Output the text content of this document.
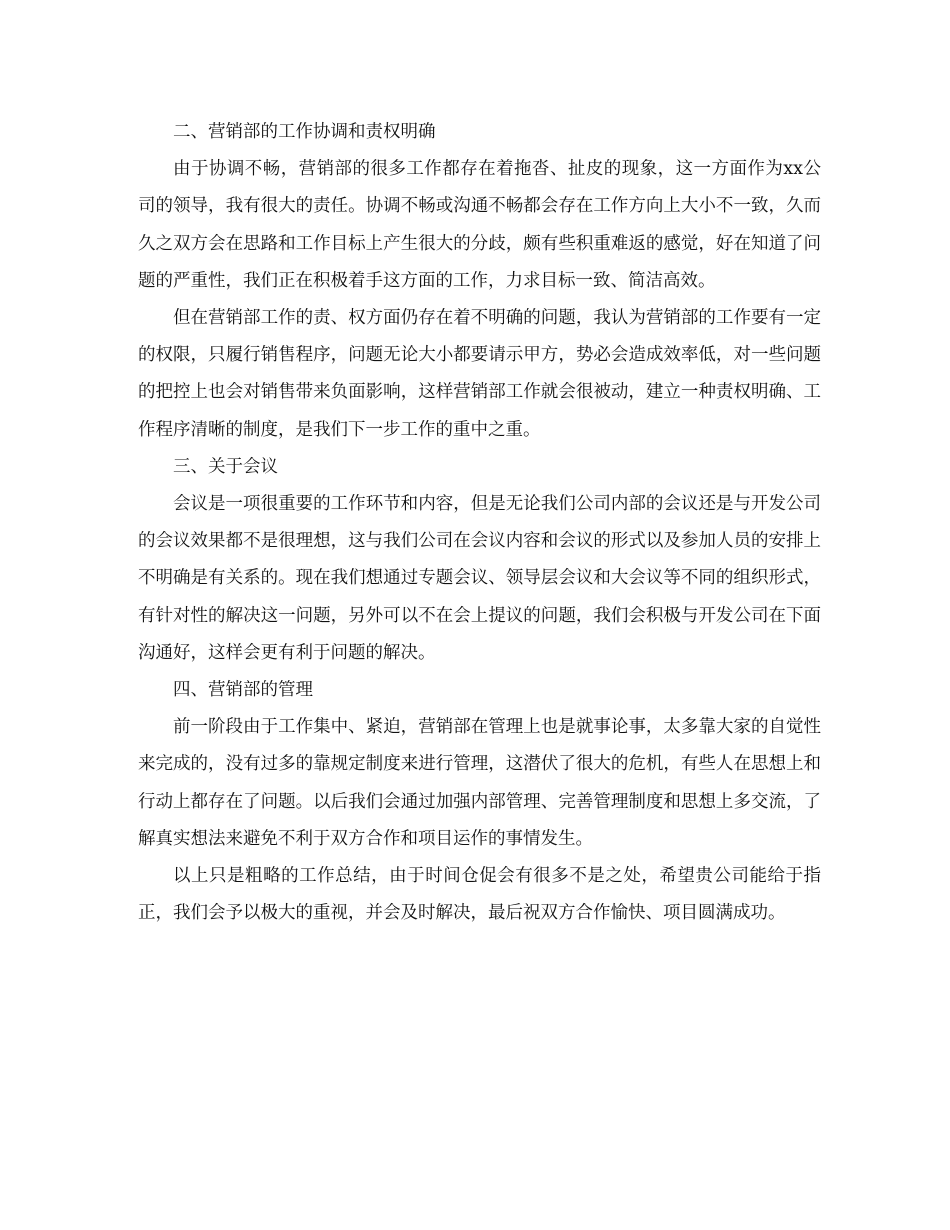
二、营销部的工作协调和责权明确

由于协调不畅，营销部的很多工作都存在着拖沓、扯皮的现象，这一方面作为xx公司的领导，我有很大的责任。协调不畅或沟通不畅都会存在工作方向上大小不一致，久而久之双方会在思路和工作目标上产生很大的分歧，颇有些积重难返的感觉，好在知道了问题的严重性，我们正在积极着手这方面的工作，力求目标一致、简洁高效。

但在营销部工作的责、权方面仍存在着不明确的问题，我认为营销部的工作要有一定的权限，只履行销售程序，问题无论大小都要请示甲方，势必会造成效率低，对一些问题的把控上也会对销售带来负面影响，这样营销部工作就会很被动，建立一种责权明确、工作程序清晰的制度，是我们下一步工作的重中之重。

三、关于会议

会议是一项很重要的工作环节和内容，但是无论我们公司内部的会议还是与开发公司的会议效果都不是很理想，这与我们公司在会议内容和会议的形式以及参加人员的安排上不明确是有关系的。现在我们想通过专题会议、领导层会议和大会议等不同的组织形式，有针对性的解决这一问题，另外可以不在会上提议的问题，我们会积极与开发公司在下面沟通好，这样会更有利于问题的解决。

四、营销部的管理

前一阶段由于工作集中、紧迫，营销部在管理上也是就事论事，太多靠大家的自觉性来完成的，没有过多的靠规定制度来进行管理，这潜伏了很大的危机，有些人在思想上和行动上都存在了问题。以后我们会通过加强内部管理、完善管理制度和思想上多交流，了解真实想法来避免不利于双方合作和项目运作的事情发生。

以上只是粗略的工作总结，由于时间仓促会有很多不是之处，希望贵公司能给于指正，我们会予以极大的重视，并会及时解决，最后祝双方合作愉快、项目圆满成功。
